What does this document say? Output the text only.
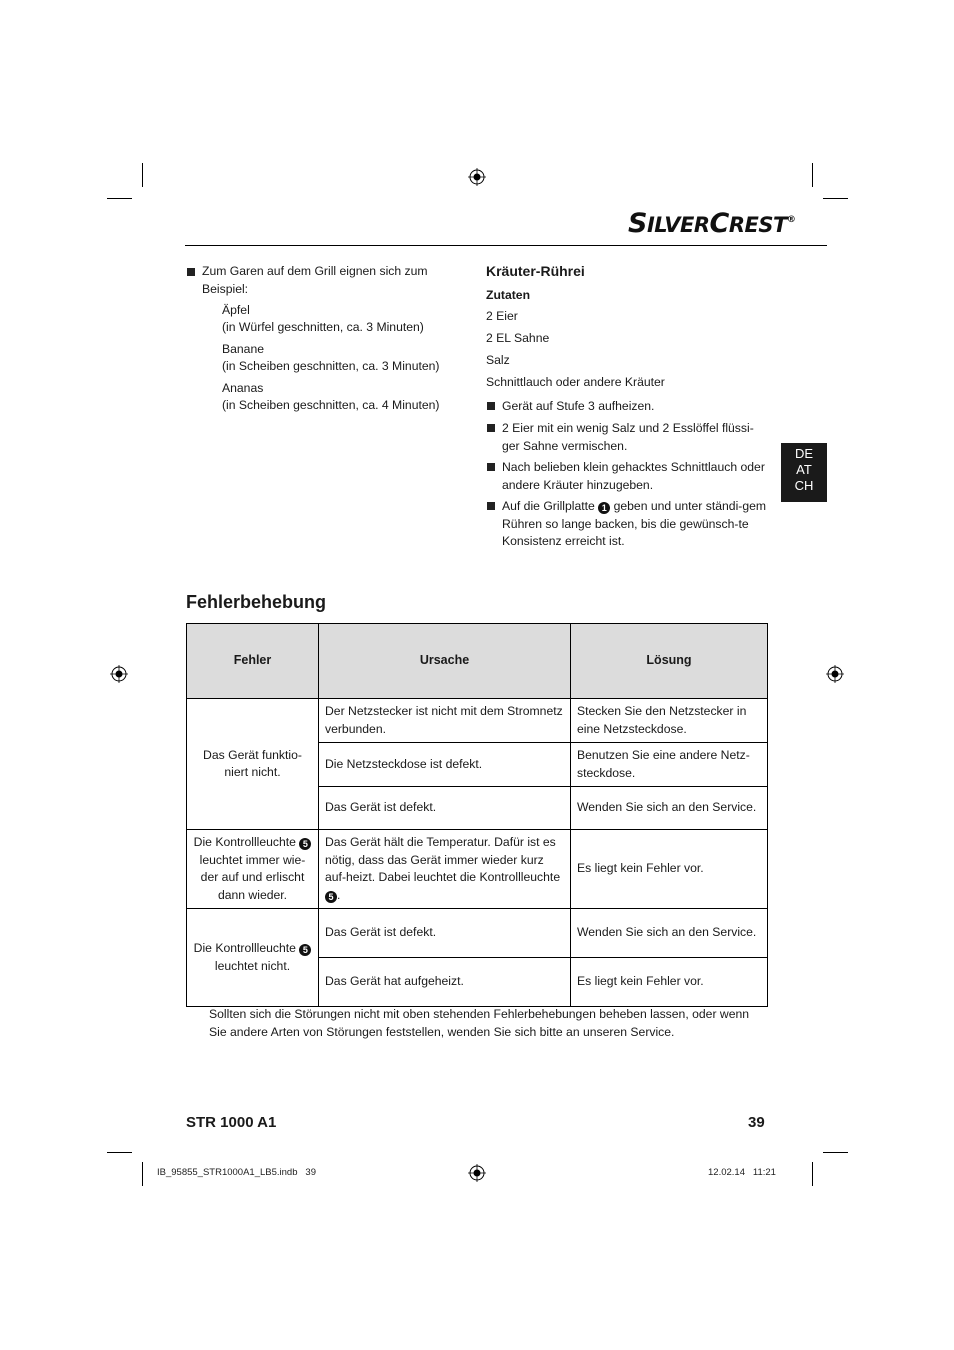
SILVERCREST®
Zum Garen auf dem Grill eignen sich zum Beispiel:
Äpfel
(in Würfel geschnitten, ca. 3 Minuten)
Banane
(in Scheiben geschnitten, ca. 3 Minuten)
Ananas
(in Scheiben geschnitten, ca. 4 Minuten)
Kräuter-Rührei
Zutaten
2 Eier
2 EL Sahne
Salz
Schnittlauch oder andere Kräuter
Gerät auf Stufe 3 aufheizen.
2 Eier mit ein wenig Salz und 2 Esslöffel flüssi-ger Sahne vermischen.
Nach belieben klein gehacktes Schnittlauch oder andere Kräuter hinzugeben.
Auf die Grillplatte 1 geben und unter ständi-gem Rühren so lange backen, bis die gewünsch-te Konsistenz erreicht ist.
DE
AT
CH
Fehlerbehebung
Fehler	Ursache	Lösung
Das Gerät funktio-niert nicht.	Der Netzstecker ist nicht mit dem Stromnetz verbunden.	Stecken Sie den Netzstecker in eine Netzsteckdose.
	Die Netzsteckdose ist defekt.	Benutzen Sie eine andere Netz-steckdose.
	Das Gerät ist defekt.	Wenden Sie sich an den Service.
Die Kontrollleuchte 5 leuchtet immer wie-der auf und erlischt dann wieder.	Das Gerät hält die Temperatur. Dafür ist es nötig, dass das Gerät immer wieder kurz auf-heizt. Dabei leuchtet die Kontrollleuchte 5 .	Es liegt kein Fehler vor.
Die Kontrollleuchte 5 leuchtet nicht.	Das Gerät ist defekt.	Wenden Sie sich an den Service.
	Das Gerät hat aufgeheizt.	Es liegt kein Fehler vor.
Sollten sich die Störungen nicht mit oben stehenden Fehlerbehebungen beheben lassen, oder wenn Sie andere Arten von Störungen feststellen, wenden Sie sich bitte an unseren Service.
STR 1000 A1	39
IB_95855_STR1000A1_LB5.indb   39	12.02.14   11:21
